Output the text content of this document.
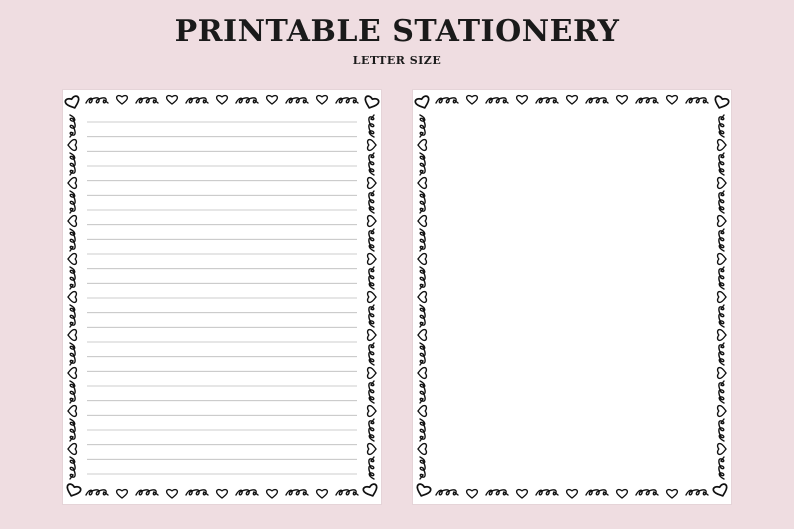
PRINTABLE STATIONERY
LETTER SIZE
